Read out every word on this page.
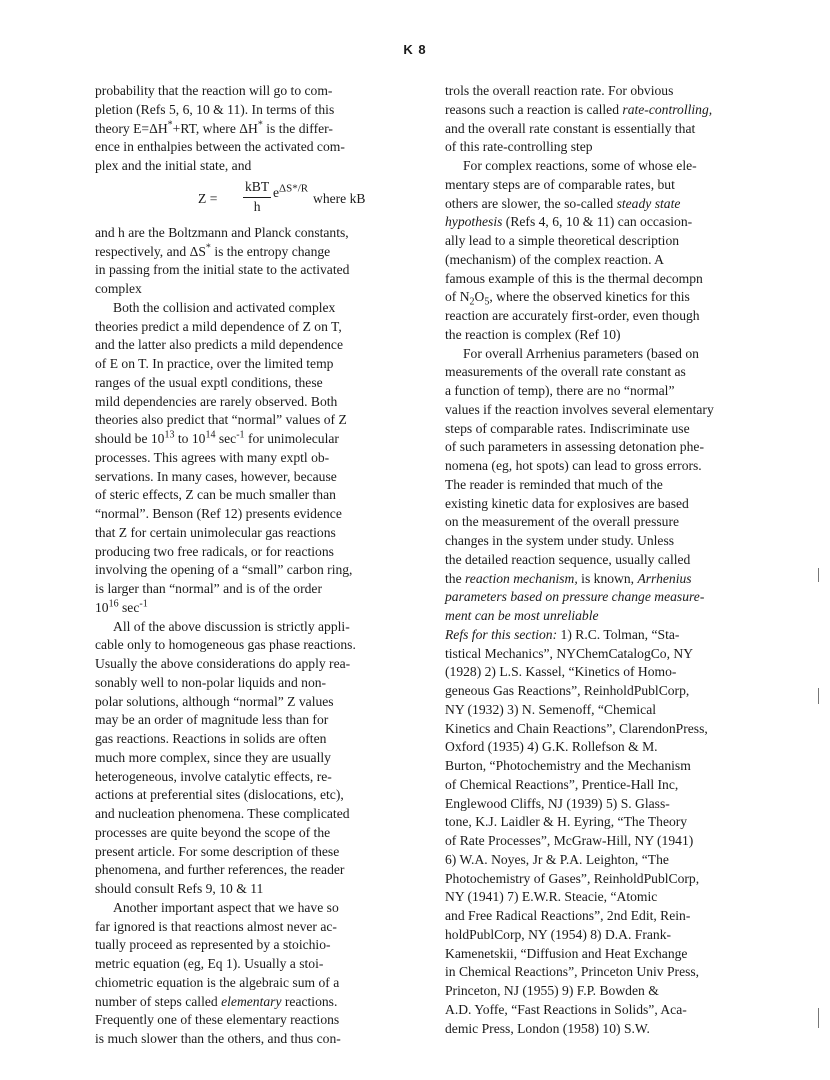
K 8
probability that the reaction will go to com-
pletion (Refs 5, 6, 10 & 11). In terms of this
theory E=ΔH*+RT, where ΔH* is the differ-
ence in enthalpies between the activated com-
plex and the initial state, and
Z =
kBT
h
$e^{\Delta S*/R}$
where kB
and h are the Boltzmann and Planck constants,
respectively, and ΔS* is the entropy change
in passing from the initial state to the activated
complex
Both the collision and activated complex
theories predict a mild dependence of Z on T,
and the latter also predicts a mild dependence
of E on T. In practice, over the limited temp
ranges of the usual exptl conditions, these
mild dependencies are rarely observed. Both
theories also predict that “normal” values of Z
should be $10^{13}$ to $10^{14}$ $\sec^{-1}$ for unimolecular
processes. This agrees with many exptl ob-
servations. In many cases, however, because
of steric effects, Z can be much smaller than
“normal”. Benson (Ref 12) presents evidence
that Z for certain unimolecular gas reactions
producing two free radicals, or for reactions
involving the opening of a “small” carbon ring,
is larger than “normal” and is of the order
$10^{16}$ $\sec^{-1}$
All of the above discussion is strictly appli-
cable only to homogeneous gas phase reactions.
Usually the above considerations do apply rea-
sonably well to non-polar liquids and non-
polar solutions, although “normal” Z values
may be an order of magnitude less than for
gas reactions. Reactions in solids are often
much more complex, since they are usually
heterogeneous, involve catalytic effects, re-
actions at preferential sites (dislocations, etc),
and nucleation phenomena. These complicated
processes are quite beyond the scope of the
present article. For some description of these
phenomena, and further references, the reader
should consult Refs 9, 10 & 11
Another important aspect that we have so
far ignored is that reactions almost never ac-
tually proceed as represented by a stoichio-
metric equation (eg, Eq 1). Usually a stoi-
chiometric equation is the algebraic sum of a
number of steps called elementary reactions.
Frequently one of these elementary reactions
is much slower than the others, and thus con-
trols the overall reaction rate. For obvious
reasons such a reaction is called rate-controlling,
and the overall rate constant is essentially that
of this rate-controlling step
For complex reactions, some of whose ele-
mentary steps are of comparable rates, but
others are slower, the so-called steady state
hypothesis (Refs 4, 6, 10 & 11) can occasion-
ally lead to a simple theoretical description
(mechanism) of the complex reaction. A
famous example of this is the thermal decompn
of $N_2O_5$, where the observed kinetics for this
reaction are accurately first-order, even though
the reaction is complex (Ref 10)
For overall Arrhenius parameters (based on
measurements of the overall rate constant as
a function of temp), there are no “normal”
values if the reaction involves several elementary
steps of comparable rates. Indiscriminate use
of such parameters in assessing detonation phe-
nomena (eg, hot spots) can lead to gross errors.
The reader is reminded that much of the
existing kinetic data for explosives are based
on the measurement of the overall pressure
changes in the system under study. Unless
the detailed reaction sequence, usually called
the reaction mechanism, is known, Arrhenius
parameters based on pressure change measure-
ment can be most unreliable
Refs for this section: 1) R.C. Tolman, “Sta-
tistical Mechanics”, NYChemCatalogCo, NY
(1928) 2) L.S. Kassel, “Kinetics of Homo-
geneous Gas Reactions”, ReinholdPublCorp,
NY (1932) 3) N. Semenoff, “Chemical
Kinetics and Chain Reactions”, ClarendonPress,
Oxford (1935) 4) G.K. Rollefson & M.
Burton, “Photochemistry and the Mechanism
of Chemical Reactions”, Prentice-Hall Inc,
Englewood Cliffs, NJ (1939) 5) S. Glass-
tone, K.J. Laidler & H. Eyring, “The Theory
of Rate Processes”, McGraw-Hill, NY (1941)
6) W.A. Noyes, Jr & P.A. Leighton, “The
Photochemistry of Gases”, ReinholdPublCorp,
NY (1941) 7) E.W.R. Steacie, “Atomic
and Free Radical Reactions”, 2nd Edit, Rein-
holdPublCorp, NY (1954) 8) D.A. Frank-
Kamenetskii, “Diffusion and Heat Exchange
in Chemical Reactions”, Princeton Univ Press,
Princeton, NJ (1955) 9) F.P. Bowden &
A.D. Yoffe, “Fast Reactions in Solids”, Aca-
demic Press, London (1958) 10) S.W.
